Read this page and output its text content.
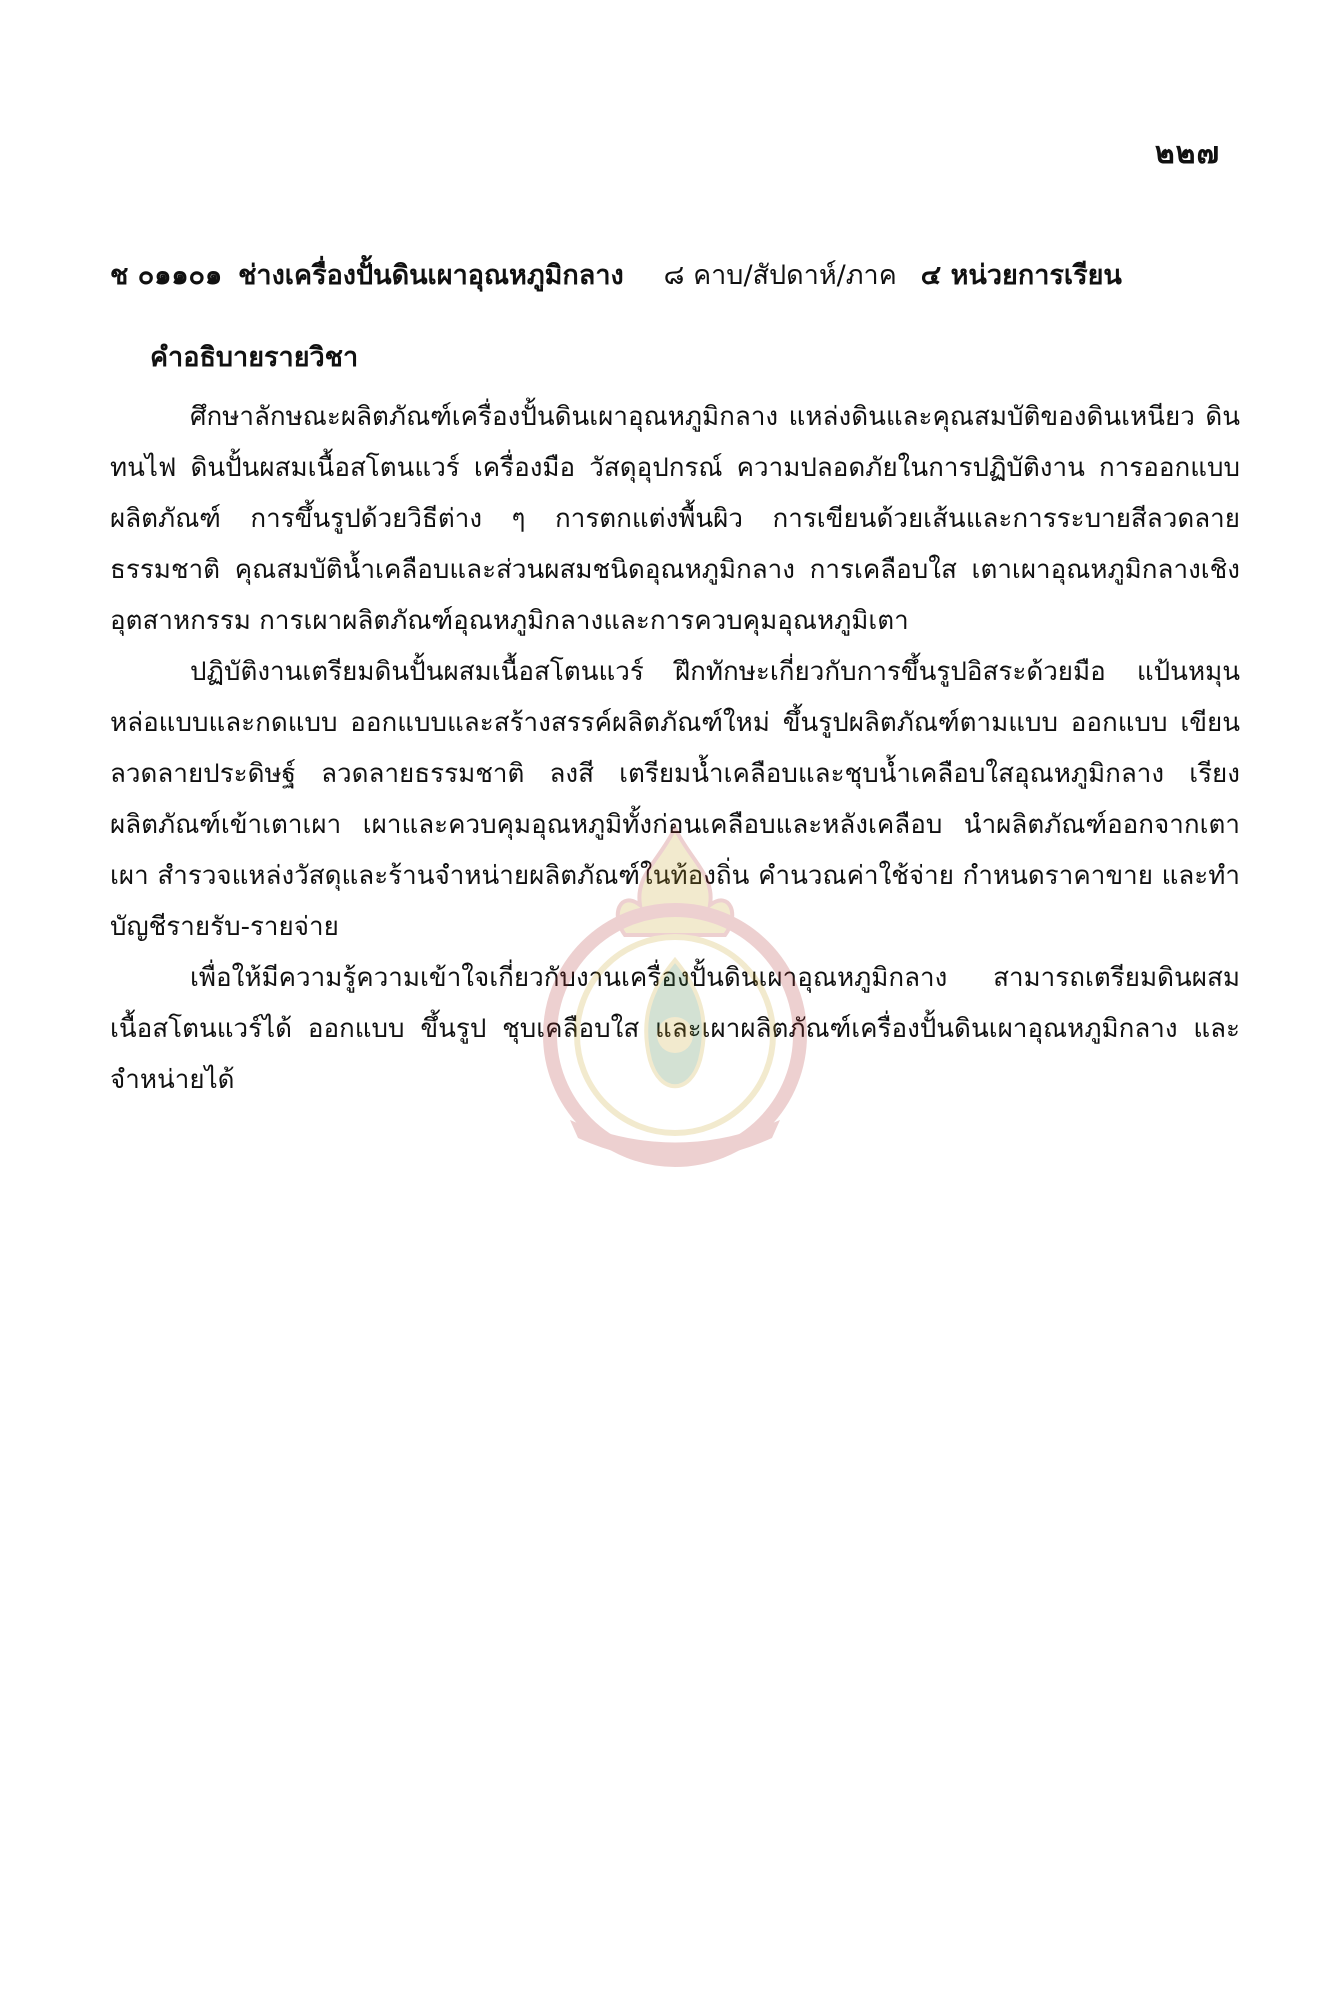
๒๒๗
ช ๐๑๑๐๑ ช่างเครื่องปั้นดินเผาอุณหภูมิกลาง ๘ คาบ/สัปดาห์/ภาค ๔ หน่วยการเรียน
คำอธิบายรายวิชา

ศึกษาลักษณะผลิตภัณฑ์เครื่องปั้นดินเผาอุณหภูมิกลาง แหล่งดินและคุณสมบัติของดินเหนียว ดินทนไฟ ดินปั้นผสมเนื้อสโตนแวร์ เครื่องมือ วัสดุอุปกรณ์ ความปลอดภัยในการปฏิบัติงาน การออกแบบผลิตภัณฑ์ การขึ้นรูปด้วยวิธีต่าง ๆ การตกแต่งพื้นผิว การเขียนด้วยเส้นและการระบายสีลวดลายธรรมชาติ คุณสมบัติน้ำเคลือบและส่วนผสมชนิดอุณหภูมิกลาง การเคลือบใส เตาเผาอุณหภูมิกลางเชิงอุตสาหกรรม การเผาผลิตภัณฑ์อุณหภูมิกลางและการควบคุมอุณหภูมิเตา

ปฏิบัติงานเตรียมดินปั้นผสมเนื้อสโตนแวร์ ฝึกทักษะเกี่ยวกับการขึ้นรูปอิสระด้วยมือ แป้นหมุน หล่อแบบและกดแบบ ออกแบบและสร้างสรรค์ผลิตภัณฑ์ใหม่ ขึ้นรูปผลิตภัณฑ์ตามแบบ ออกแบบ เขียนลวดลายประดิษฐ์ ลวดลายธรรมชาติ ลงสี เตรียมน้ำเคลือบและชุบน้ำเคลือบใสอุณหภูมิกลาง เรียงผลิตภัณฑ์เข้าเตาเผา เผาและควบคุมอุณหภูมิทั้งก่อนเคลือบและหลังเคลือบ นำผลิตภัณฑ์ออกจากเตาเผา สำรวจแหล่งวัสดุและร้านจำหน่ายผลิตภัณฑ์ในท้องถิ่น คำนวณค่าใช้จ่าย กำหนดราคาขาย และทำบัญชีรายรับ-รายจ่าย

เพื่อให้มีความรู้ความเข้าใจเกี่ยวกับงานเครื่องปั้นดินเผาอุณหภูมิกลาง สามารถเตรียมดินผสมเนื้อสโตนแวร์ได้ ออกแบบ ขึ้นรูป ชุบเคลือบใส และเผาผลิตภัณฑ์เครื่องปั้นดินเผาอุณหภูมิกลาง และจำหน่ายได้
